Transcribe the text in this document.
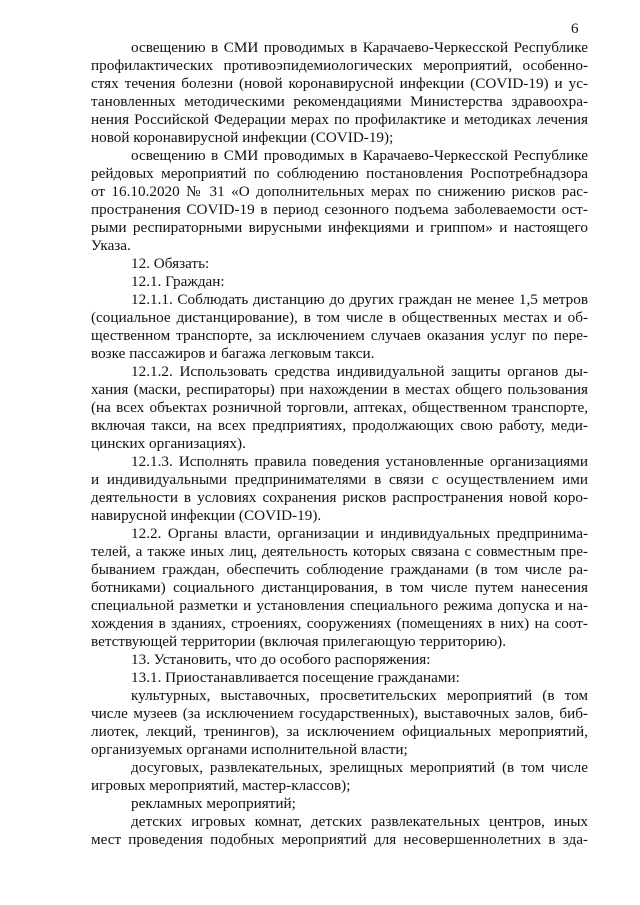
6
освещению в СМИ проводимых в Карачаево-Черкесской Республике
профилактических противоэпидемиологических мероприятий, особенно-
стях течения болезни (новой коронавирусной инфекции (COVID-19) и ус-
тановленных методическими рекомендациями Министерства здравоохра-
нения Российской Федерации мерах по профилактике и методиках лечения
новой коронавирусной инфекции (COVID-19);
освещению в СМИ проводимых в Карачаево-Черкесской Республике
рейдовых мероприятий по соблюдению постановления Роспотребнадзора
от 16.10.2020 № 31 «О дополнительных мерах по снижению рисков рас-
пространения COVID-19 в период сезонного подъема заболеваемости ост-
рыми респираторными вирусными инфекциями и гриппом» и настоящего
Указа.
12. Обязать:
12.1. Граждан:
12.1.1. Соблюдать дистанцию до других граждан не менее 1,5 метров
(социальное дистанцирование), в том числе в общественных местах и об-
щественном транспорте, за исключением случаев оказания услуг по пере-
возке пассажиров и багажа легковым такси.
12.1.2. Использовать средства индивидуальной защиты органов ды-
хания (маски, респираторы) при нахождении в местах общего пользования
(на всех объектах розничной торговли, аптеках, общественном транспорте,
включая такси, на всех предприятиях, продолжающих свою работу, меди-
цинских организациях).
12.1.3. Исполнять правила поведения установленные организациями
и индивидуальными предпринимателями в связи с осуществлением ими
деятельности в условиях сохранения рисков распространения новой коро-
навирусной инфекции (COVID-19).
12.2. Органы власти, организации и индивидуальных предпринима-
телей, а также иных лиц, деятельность которых связана с совместным пре-
быванием граждан, обеспечить соблюдение гражданами (в том числе ра-
ботниками) социального дистанцирования, в том числе путем нанесения
специальной разметки и установления специального режима допуска и на-
хождения в зданиях, строениях, сооружениях (помещениях в них) на соот-
ветствующей территории (включая прилегающую территорию).
13. Установить, что до особого распоряжения:
13.1. Приостанавливается посещение гражданами:
культурных, выставочных, просветительских мероприятий (в том
числе музеев (за исключением государственных), выставочных залов, биб-
лиотек, лекций, тренингов), за исключением официальных мероприятий,
организуемых органами исполнительной власти;
досуговых, развлекательных, зрелищных мероприятий (в том числе
игровых мероприятий, мастер-классов);
рекламных мероприятий;
детских игровых комнат, детских развлекательных центров, иных
мест проведения подобных мероприятий для несовершеннолетних в зда-
